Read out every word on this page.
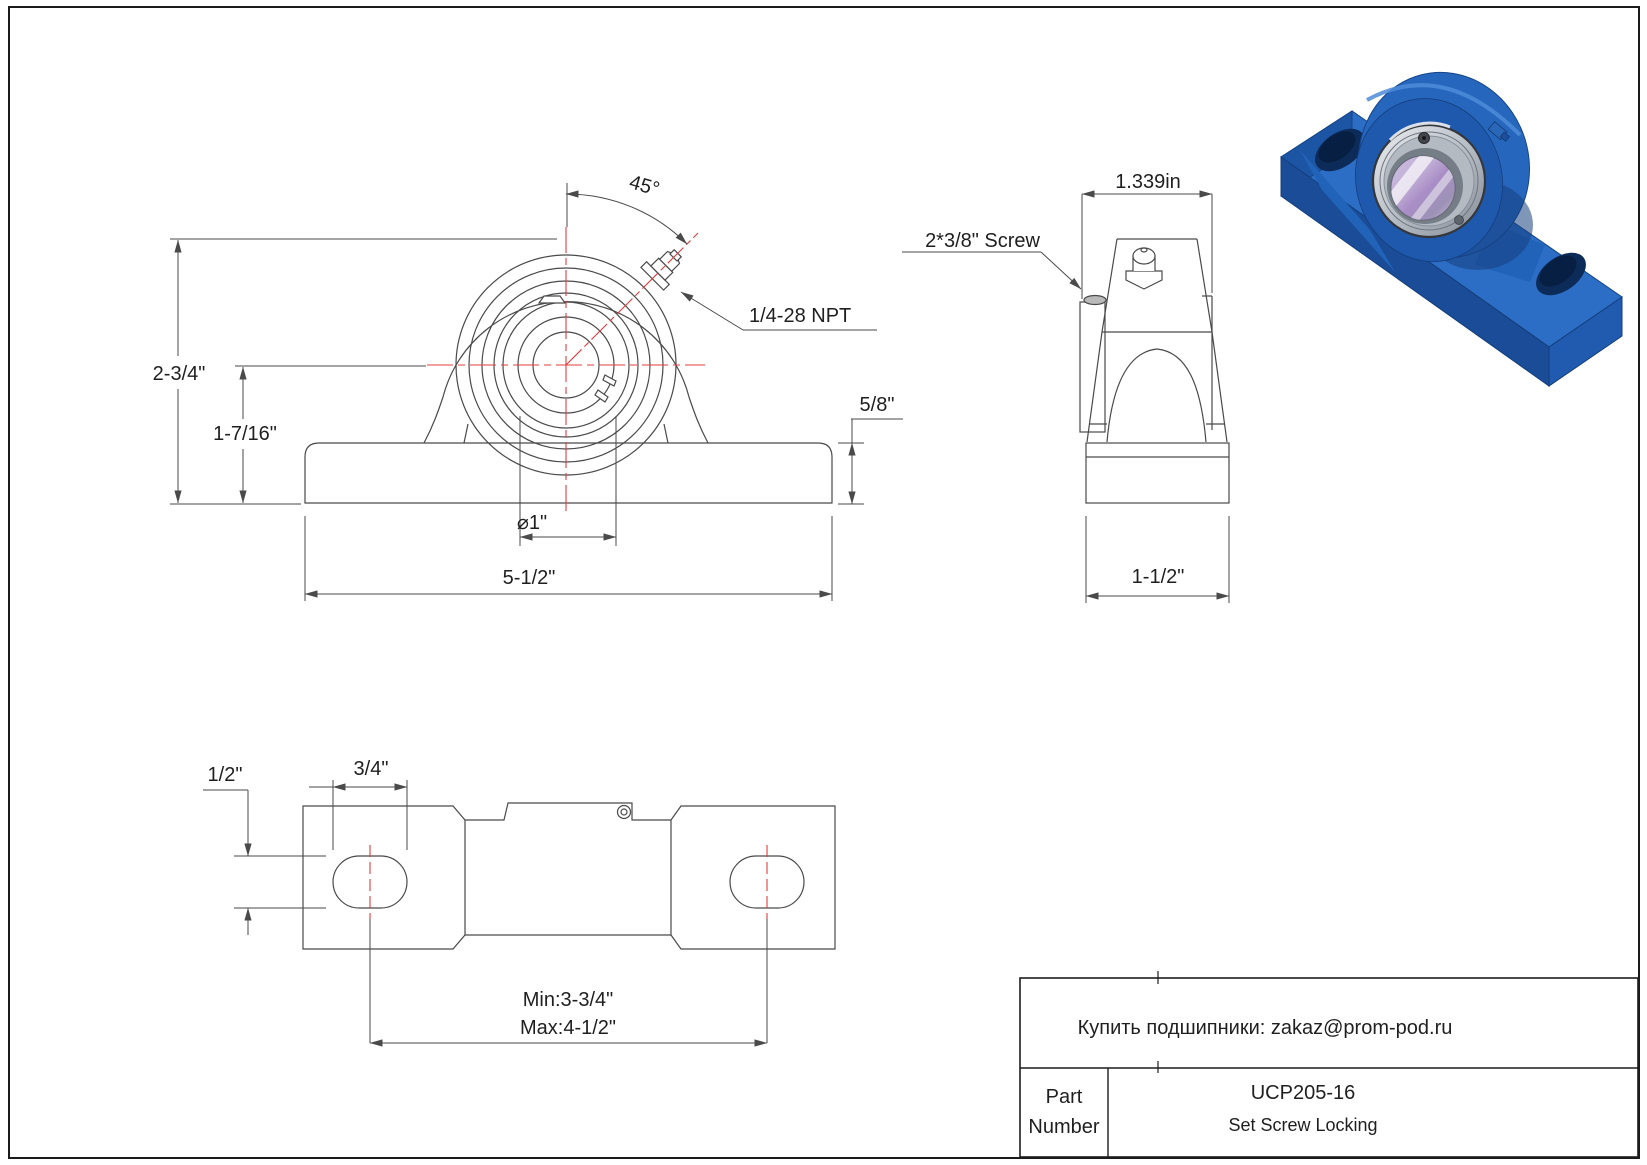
2-3/4"
1-7/16"
45°
1/4-28 NPT
5/8"
⌀1"
5-1/2"
1.339in
2*3/8" Screw
1-1/2"
1/2"	3/4"
Min:3-3/4"
Max:4-1/2"	Купить подшипники: zakaz@prom-pod.ru
Part
Number
UCP205-16
Set Screw Locking
